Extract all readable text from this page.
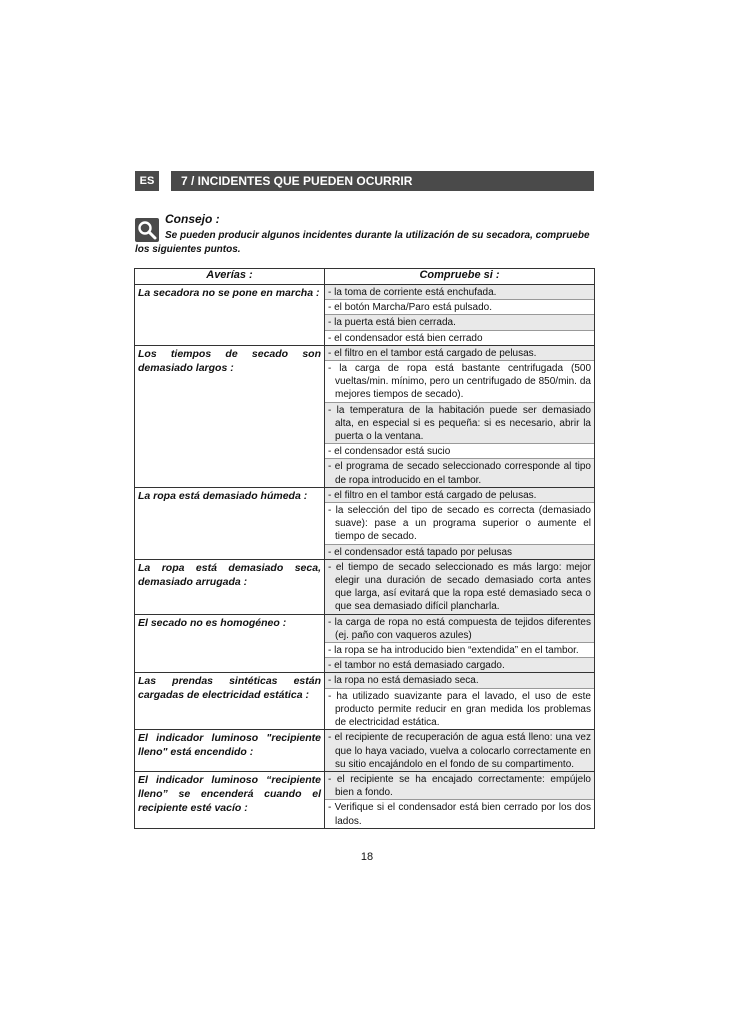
ES	7 / INCIDENTES QUE PUEDEN OCURRIR
Consejo :
Se pueden producir algunos incidentes durante la utilización de su secadora, compruebe los siguientes puntos.
Averías :	Compruebe si :
La secadora no se pone en marcha :	- la toma de corriente está enchufada.
- el botón Marcha/Paro está pulsado.
- la puerta está bien cerrada.
- el condensador está bien cerrado

Los tiempos de secado son demasiado largos :	- el filtro en el tambor está cargado de pelusas.
- la carga de ropa está bastante centrifugada (500 vueltas/min. mínimo, pero un centrifugado de 850/min. da mejores tiempos de secado).
- la temperatura de la habitación puede ser demasiado alta, en especial si es pequeña: si es necesario, abrir la puerta o la ventana.
- el condensador está sucio
- el programa de secado seleccionado corresponde al tipo de ropa introducido en el tambor.

La ropa está demasiado húmeda :	- el filtro en el tambor está cargado de pelusas.
- la selección del tipo de secado es correcta (demasiado suave): pase a un programa superior o aumente el tiempo de secado.
- el condensador está tapado por pelusas

La ropa está demasiado seca, demasiado arrugada :	- el tiempo de secado seleccionado es más largo: mejor elegir una duración de secado demasiado corta antes que larga, así evitará que la ropa esté demasiado seca o que sea demasiado difícil plancharla.

El secado no es homogéneo :	- la carga de ropa no está compuesta de tejidos diferentes (ej. paño con vaqueros azules)
- la ropa se ha introducido bien “extendida” en el tambor.
- el tambor no está demasiado cargado.

Las prendas sintéticas están cargadas de electricidad estática :	- la ropa no está demasiado seca.
- ha utilizado suavizante para el lavado, el uso de este producto permite reducir en gran medida los problemas de electricidad estática.

El indicador luminoso "recipiente lleno" está encendido :	- el recipiente de recuperación de agua está lleno: una vez que lo haya vaciado, vuelva a colocarlo correctamente en su sitio encajándolo en el fondo de su compartimento.

El indicador luminoso “recipiente lleno” se encenderá cuando el recipiente esté vacío :	- el recipiente se ha encajado correctamente: empújelo bien a fondo.
- Verifique si el condensador está bien cerrado por los dos lados.
18
